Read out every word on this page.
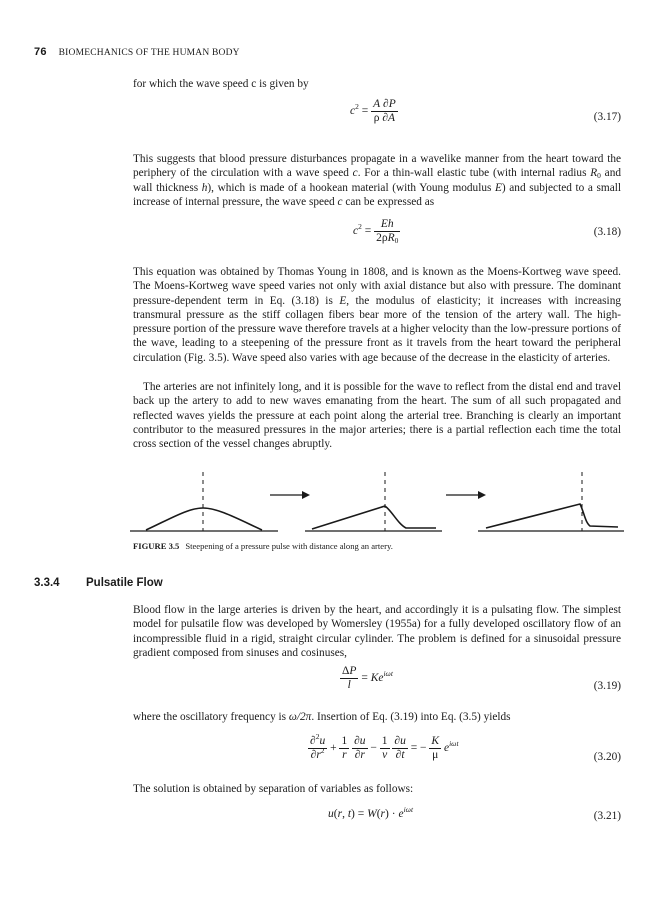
76 BIOMECHANICS OF THE HUMAN BODY
for which the wave speed c is given by
$c^2 = \frac{A \partial P}{\rho \partial A}$	(3.17)
This suggests that blood pressure disturbances propagate in a wavelike manner from the heart toward the periphery of the circulation with a wave speed c. For a thin-wall elastic tube (with internal radius $R_0$ and wall thickness h), which is made of a hookean material (with Young modulus E) and subjected to a small increase of internal pressure, the wave speed c can be expressed as
$c^2 = \frac{Eh}{2\rho R_0}$	(3.18)
This equation was obtained by Thomas Young in 1808, and is known as the Moens-Kortweg wave speed. The Moens-Kortweg wave speed varies not only with axial distance but also with pressure. The dominant pressure-dependent term in Eq. (3.18) is E, the modulus of elasticity; it increases with increasing transmural pressure as the stiff collagen fibers bear more of the tension of the artery wall. The high-pressure portion of the pressure wave therefore travels at a higher velocity than the low-pressure portions of the wave, leading to a steepening of the pressure front as it travels from the heart toward the peripheral circulation (Fig. 3.5). Wave speed also varies with age because of the decrease in the elasticity of arteries.
The arteries are not infinitely long, and it is possible for the wave to reflect from the distal end and travel back up the artery to add to new waves emanating from the heart. The sum of all such propagated and reflected waves yields the pressure at each point along the arterial tree. Branching is clearly an important contributor to the measured pressures in the major arteries; there is a partial reflection each time the total cross section of the vessel changes abruptly.
FIGURE 3.5 Steepening of a pressure pulse with distance along an artery.
3.3.4 Pulsatile Flow
Blood flow in the large arteries is driven by the heart, and accordingly it is a pulsating flow. The simplest model for pulsatile flow was developed by Womersley (1955a) for a fully developed oscillatory flow of an incompressible fluid in a rigid, straight circular cylinder. The problem is defined for a sinusoidal pressure gradient composed from sinuses and cosinuses,
$\frac{\Delta P}{l} = Ke^{i\omega t}$
(3.19)
where the oscillatory frequency is ω/2π. Insertion of Eq. (3.19) into Eq. (3.5) yields
$\frac{\partial^2u}{\partial r^2} + \frac{1}{r}$
$\frac{\partial u}{\partial r} - \frac{1}{\nu}$
$\frac{\partial u}{\partial t}$ = − $\frac{K}{\mu} e^{i\omega t}$
(3.20)
The solution is obtained by separation of variables as follows:
u(r, $t) = W(r) \cdot e^{i\omega t}$
(3.21)
